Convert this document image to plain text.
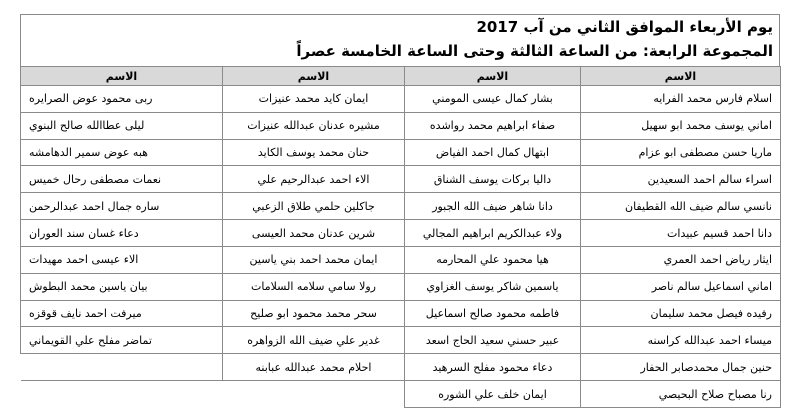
يوم الأربعاء الموافق الثاني من آب 2017
المجموعة الرابعة: من الساعة الثالثة وحتى الساعة الخامسة عصراً
الاسم	الاسم	الاسم	الاسم
اسلام فارس محمد الفرايه	بشار كمال عيسى المومني	ايمان كايد محمد عنيزات	ربى محمود عوض الصرايره
اماني يوسف محمد ابو سهيل	صفاء ابراهيم محمد رواشده	مشيره عدنان عبدالله عنيزات	ليلى عطاالله صالح البنوي
ماريا حسن مصطفى ابو عزام	ابتهال كمال احمد الفياض	حنان محمد يوسف الكايد	هبه عوض سمير الدهامشه
اسراء سالم احمد السعيدين	داليا بركات يوسف الشناق	الاء احمد عبدالرحيم علي	نعمات مصطفى رحال خميس
نانسي سالم ضيف الله القطيفان	دانا شاهر ضيف الله الجبور	جاكلين حلمي طلاق الزعبي	ساره جمال احمد عبدالرحمن
دانا احمد قسيم عبيدات	ولاء عبدالكريم ابراهيم المجالي	شرين عدنان محمد العيسى	دعاء غسان سند العوران
ايثار رياض احمد العمري	هيا محمود علي المحارمه	ايمان محمد احمد بني ياسين	الاء عيسى احمد مهيدات
اماني اسماعيل سالم ناصر	ياسمين شاكر يوسف الغزاوي	رولا سامي سلامه السلامات	بيان ياسين محمد البطوش
رفيده فيصل محمد سليمان	فاطمه محمود صالح اسماعيل	سحر محمد محمود ابو صليح	ميرفت احمد نايف قوقزه
ميساء احمد عبدالله كراسنه	عبير حسني سعيد الحاج اسعد	غدير علي ضيف الله الزواهره	تماضر مفلح علي القويماني
حنين جمال محمدصابر الحفار	دعاء محمود مفلح السرهيد	احلام محمد عبدالله عبابنه	
رنا مصباح صلاح البحيصي	ايمان خلف علي الشوره		
